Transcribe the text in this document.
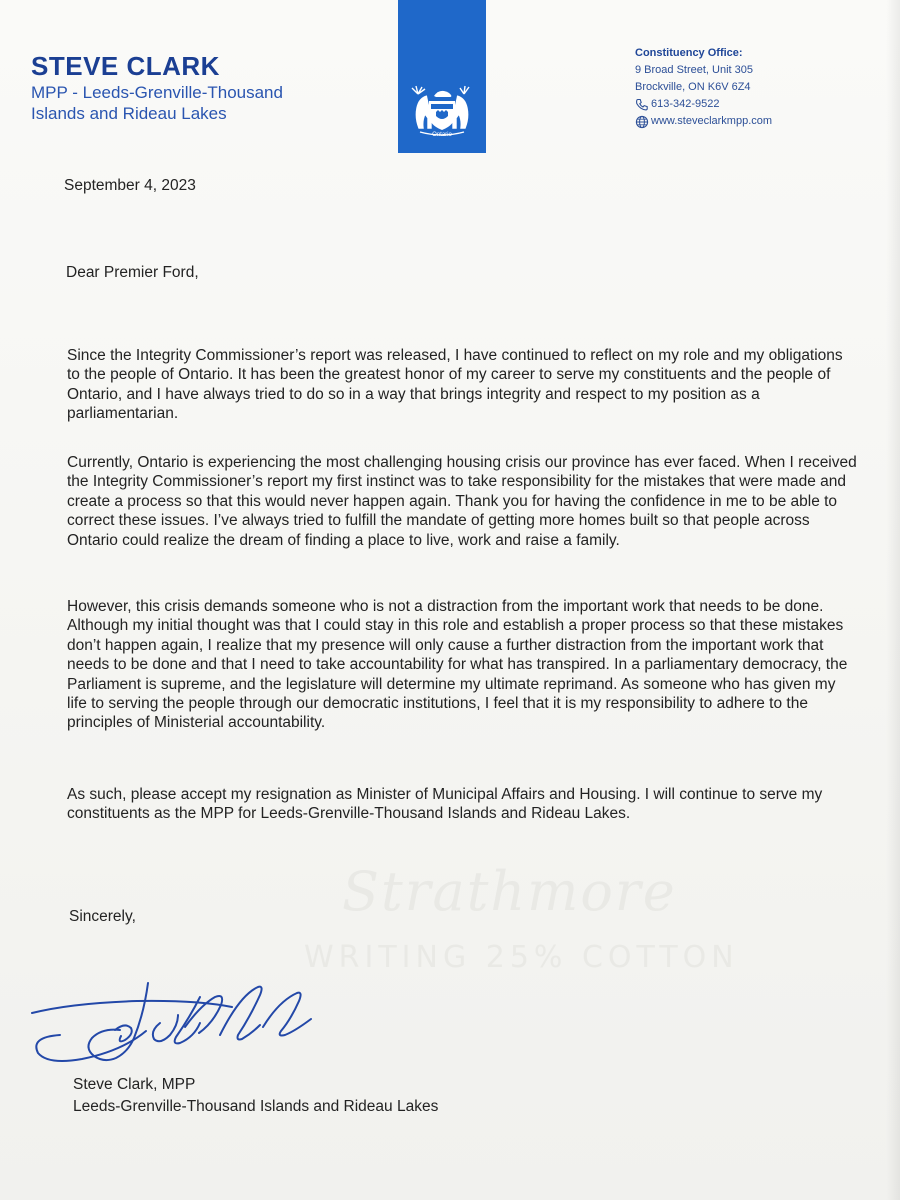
STEVE CLARK
MPP - Leeds-Grenville-Thousand
Islands and Rideau Lakes
Ontario
Constituency Office:
9 Broad Street, Unit 305
Brockville, ON K6V 6Z4
613-342-9522
www.steveclarkmpp.com
September 4, 2023
Dear Premier Ford,

Since the Integrity Commissioner’s report was released, I have continued to reflect on my role and my obligations to the people of Ontario. It has been the greatest honor of my career to serve my constituents and the people of Ontario, and I have always tried to do so in a way that brings integrity and respect to my position as a parliamentarian.

Currently, Ontario is experiencing the most challenging housing crisis our province has ever faced. When I received the Integrity Commissioner’s report my first instinct was to take responsibility for the mistakes that were made and create a process so that this would never happen again. Thank you for having the confidence in me to be able to correct these issues. I’ve always tried to fulfill the mandate of getting more homes built so that people across Ontario could realize the dream of finding a place to live, work and raise a family.

However, this crisis demands someone who is not a distraction from the important work that needs to be done. Although my initial thought was that I could stay in this role and establish a proper process so that these mistakes don’t happen again, I realize that my presence will only cause a further distraction from the important work that needs to be done and that I need to take accountability for what has transpired. In a parliamentary democracy, the Parliament is supreme, and the legislature will determine my ultimate reprimand. As someone who has given my life to serving the people through our democratic institutions, I feel that it is my responsibility to adhere to the principles of Ministerial accountability.

As such, please accept my resignation as Minister of Municipal Affairs and Housing. I will continue to serve my constituents as the MPP for Leeds-Grenville-Thousand Islands and Rideau Lakes.

Strathmore
WRITING 25% COTTON
Sincerely,
Steve Clark, MPP
Leeds-Grenville-Thousand Islands and Rideau Lakes
